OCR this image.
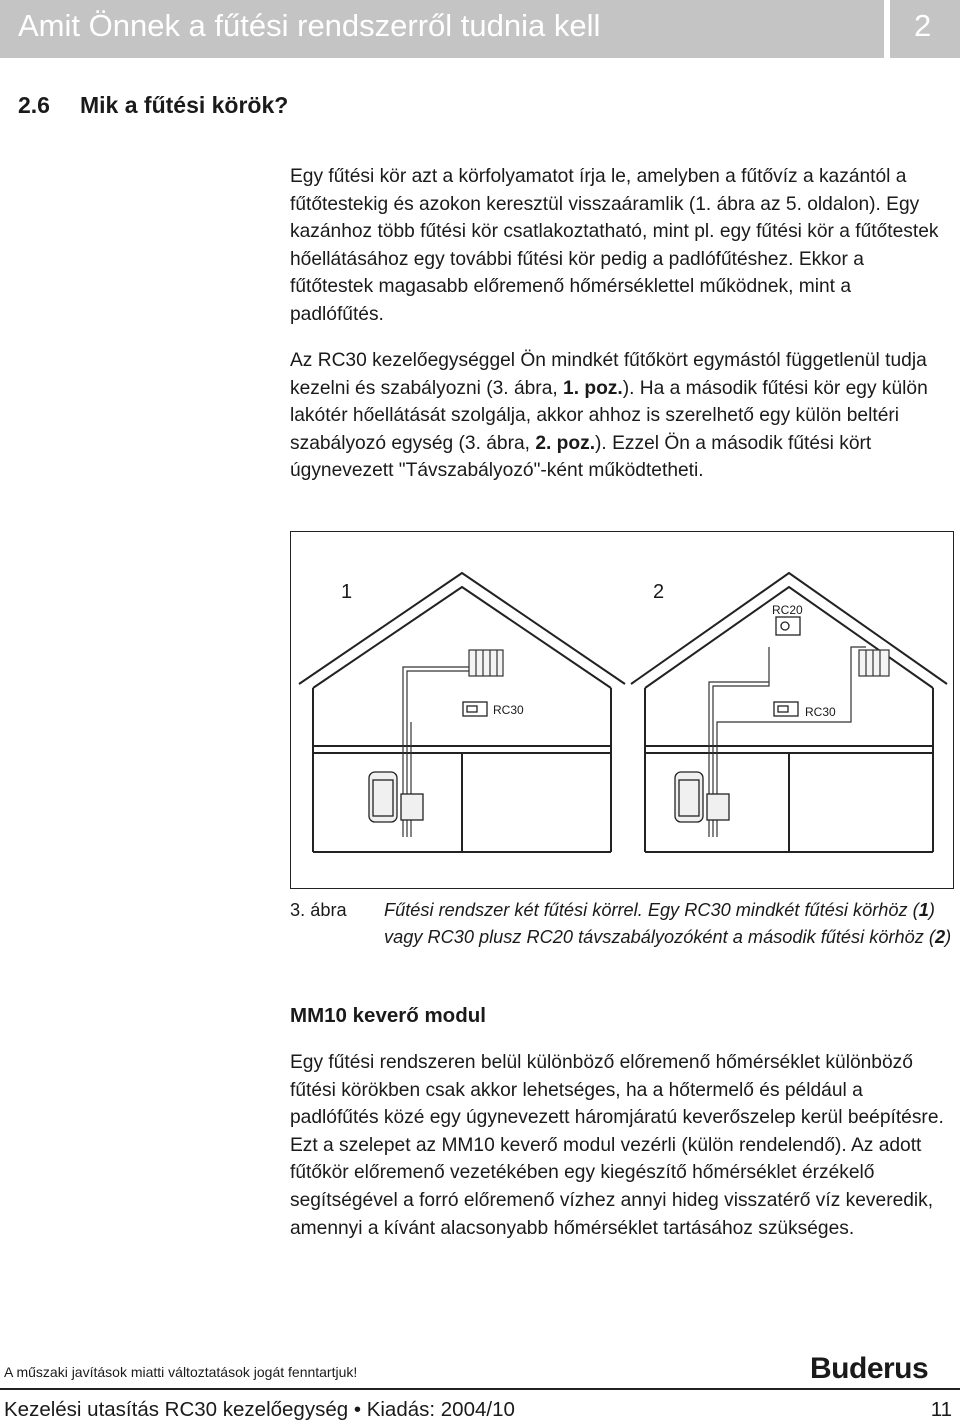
Amit Önnek a fűtési rendszerről tudnia kell	2
2.6 Mik a fűtési körök?

Egy fűtési kör azt a körfolyamatot írja le, amelyben a fűtővíz a kazántól a fűtőtestekig és azokon keresztül visszaáramlik (1. ábra az 5. oldalon). Egy kazánhoz több fűtési kör csatlakoztatható, mint pl. egy fűtési kör a fűtőtestek hőellátásához egy további fűtési kör pedig a padlófűtéshez. Ekkor a fűtőtestek magasabb előremenő hőmérséklettel működnek, mint a padlófűtés.

Az RC30 kezelőegységgel Ön mindkét fűtőkört egymástól függetlenül tudja kezelni és szabályozni (3. ábra, 1. poz.). Ha a második fűtési kör egy külön lakótér hőellátását szolgálja, akkor ahhoz is szerelhető egy külön beltéri szabályozó egység (3. ábra, 2. poz.). Ezzel Ön a második fűtési kört úgynevezett "Távszabályozó"-ként működtetheti.

1	2
RC30	RC30
RC20
3. ábra Fűtési rendszer két fűtési körrel. Egy RC30 mindkét fűtési körhöz (1) vagy RC30 plusz RC20 távszabályozóként a második fűtési körhöz (2)
MM10 keverő modul

Egy fűtési rendszeren belül különböző előremenő hőmérséklet különböző fűtési körökben csak akkor lehetséges, ha a hőtermelő és például a padlófűtés közé egy úgynevezett háromjáratú keverőszelep kerül beépítésre. Ezt a szelepet az MM10 keverő modul vezérli (külön rendelendő). Az adott fűtőkör előremenő vezetékében egy kiegészítő hőmérséklet érzékelő segítségével a forró előremenő vízhez annyi hideg visszatérő víz keveredik, amennyi a kívánt alacsonyabb hőmérséklet tartásához szükséges.

A műszaki javítások miatti változtatások jogát fenntartjuk!	Buderus
Kezelési utasítás RC30 kezelőegység • Kiadás: 2004/10	11
